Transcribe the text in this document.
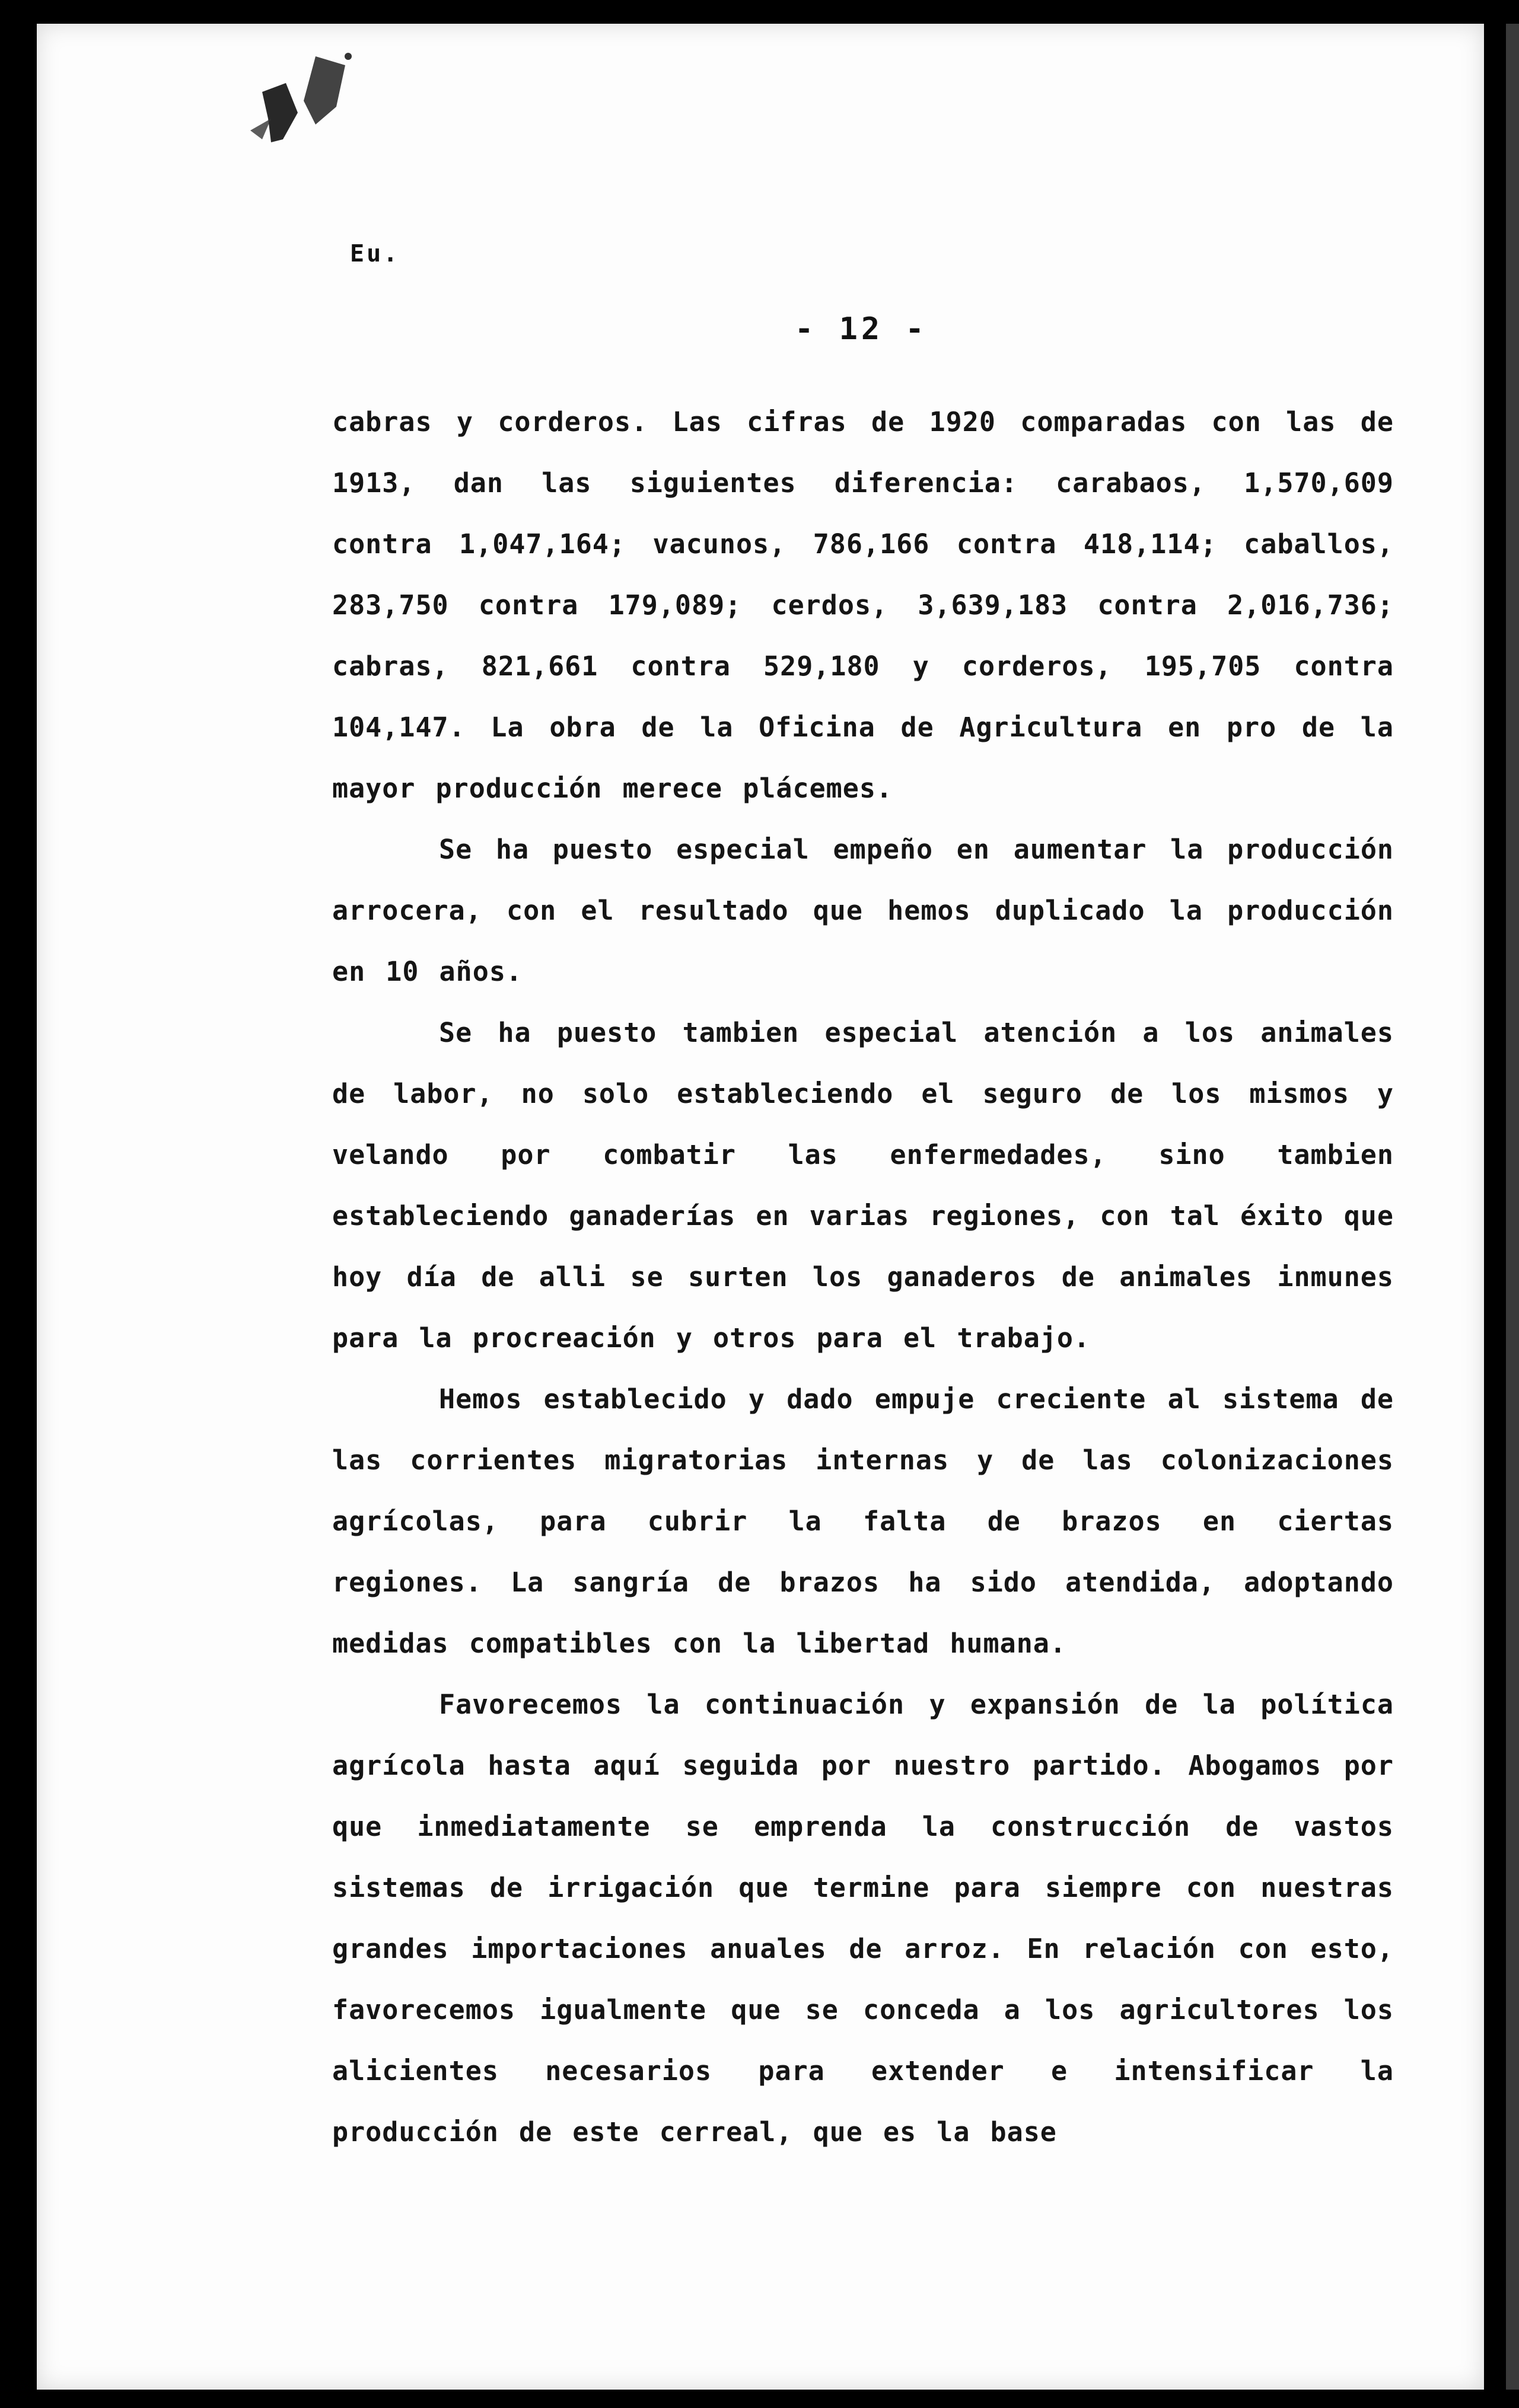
Eu.

- 12 -

cabras y corderos. Las cifras de 1920 comparadas con las de 1913, dan las siguientes diferencia: carabaos, 1,570,609 contra 1,047,164; vacunos, 786,166 contra 418,114; caballos, 283,750 contra 179,089; cerdos, 3,639,183 contra 2,016,736; cabras, 821,661 contra 529,180 y corderos, 195,705 contra 104,147. La obra de la Oficina de Agricultura en pro de la mayor producción merece plácemes.

Se ha puesto especial empeño en aumentar la producción arrocera, con el resultado que hemos duplicado la producción en 10 años.

Se ha puesto tambien especial atención a los animales de labor, no solo estableciendo el seguro de los mismos y velando por combatir las enfermedades, sino tambien estableciendo ganaderías en varias regiones, con tal éxito que hoy día de alli se surten los ganaderos de animales inmunes para la procreación y otros para el trabajo.

Hemos establecido y dado empuje creciente al sistema de las corrientes migratorias internas y de las colonizaciones agrícolas, para cubrir la falta de brazos en ciertas regiones. La sangría de brazos ha sido atendida, adoptando medidas compatibles con la libertad humana.

Favorecemos la continuación y expansión de la política agrícola hasta aquí seguida por nuestro partido. Abogamos por que inmediatamente se emprenda la construcción de vastos sistemas de irrigación que termine para siempre con nuestras grandes importaciones anuales de arroz. En relación con esto, favorecemos igualmente que se conceda a los agricultores los alicientes necesarios para extender e intensificar la producción de este cerreal, que es la base
